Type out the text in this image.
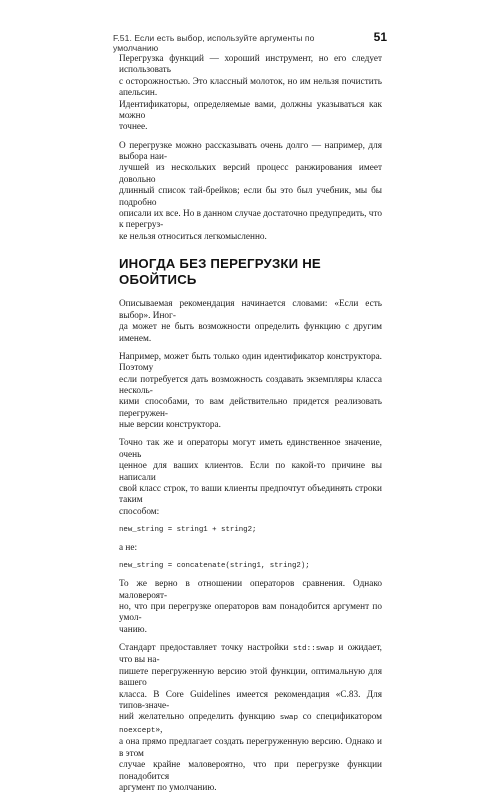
F.51. Если есть выбор, используйте аргументы по умолчанию
51

Перегрузка функций — хороший инструмент, но его следует использовать
с осторожностью. Это классный молоток, но им нельзя почистить апельсин.
Идентификаторы, определяемые вами, должны указываться как можно
точнее.

О перегрузке можно рассказывать очень долго — например, для выбора наи-
лучшей из нескольких версий процесс ранжирования имеет довольно
длинный список тай-брейков; если бы это был учебник, мы бы подробно
описали их все. Но в данном случае достаточно предупредить, что к перегруз-
ке нельзя относиться легкомысленно.

ИНОГДА БЕЗ ПЕРЕГРУЗКИ НЕ ОБОЙТИСЬ

Описываемая рекомендация начинается словами: «Если есть выбор». Иног-
да может не быть возможности определить функцию с другим именем.

Например, может быть только один идентификатор конструктора. Поэтому
если потребуется дать возможность создавать экземпляры класса несколь-
кими способами, то вам действительно придется реализовать перегружен-
ные версии конструктора.

Точно так же и операторы могут иметь единственное значение, очень
ценное для ваших клиентов. Если по какой-то причине вы написали
свой класс строк, то ваши клиенты предпочтут объединять строки таким
способом:

new_string = string1 + string2;

а не:

new_string = concatenate(string1, string2);

То же верно в отношении операторов сравнения. Однако маловероят-
но, что при перегрузке операторов вам понадобится аргумент по умол-
чанию.

Стандарт предоставляет точку настройки std::swap и ожидает, что вы на-
пишете перегруженную версию этой функции, оптимальную для вашего
класса. В Core Guidelines имеется рекомендация «C.83. Для типов-значе-
ний желательно определить функцию swap со спецификатором noexcept»,
а она прямо предлагает создать перегруженную версию. Однако и в этом
случае крайне маловероятно, что при перегрузке функции понадобится
аргумент по умолчанию.
